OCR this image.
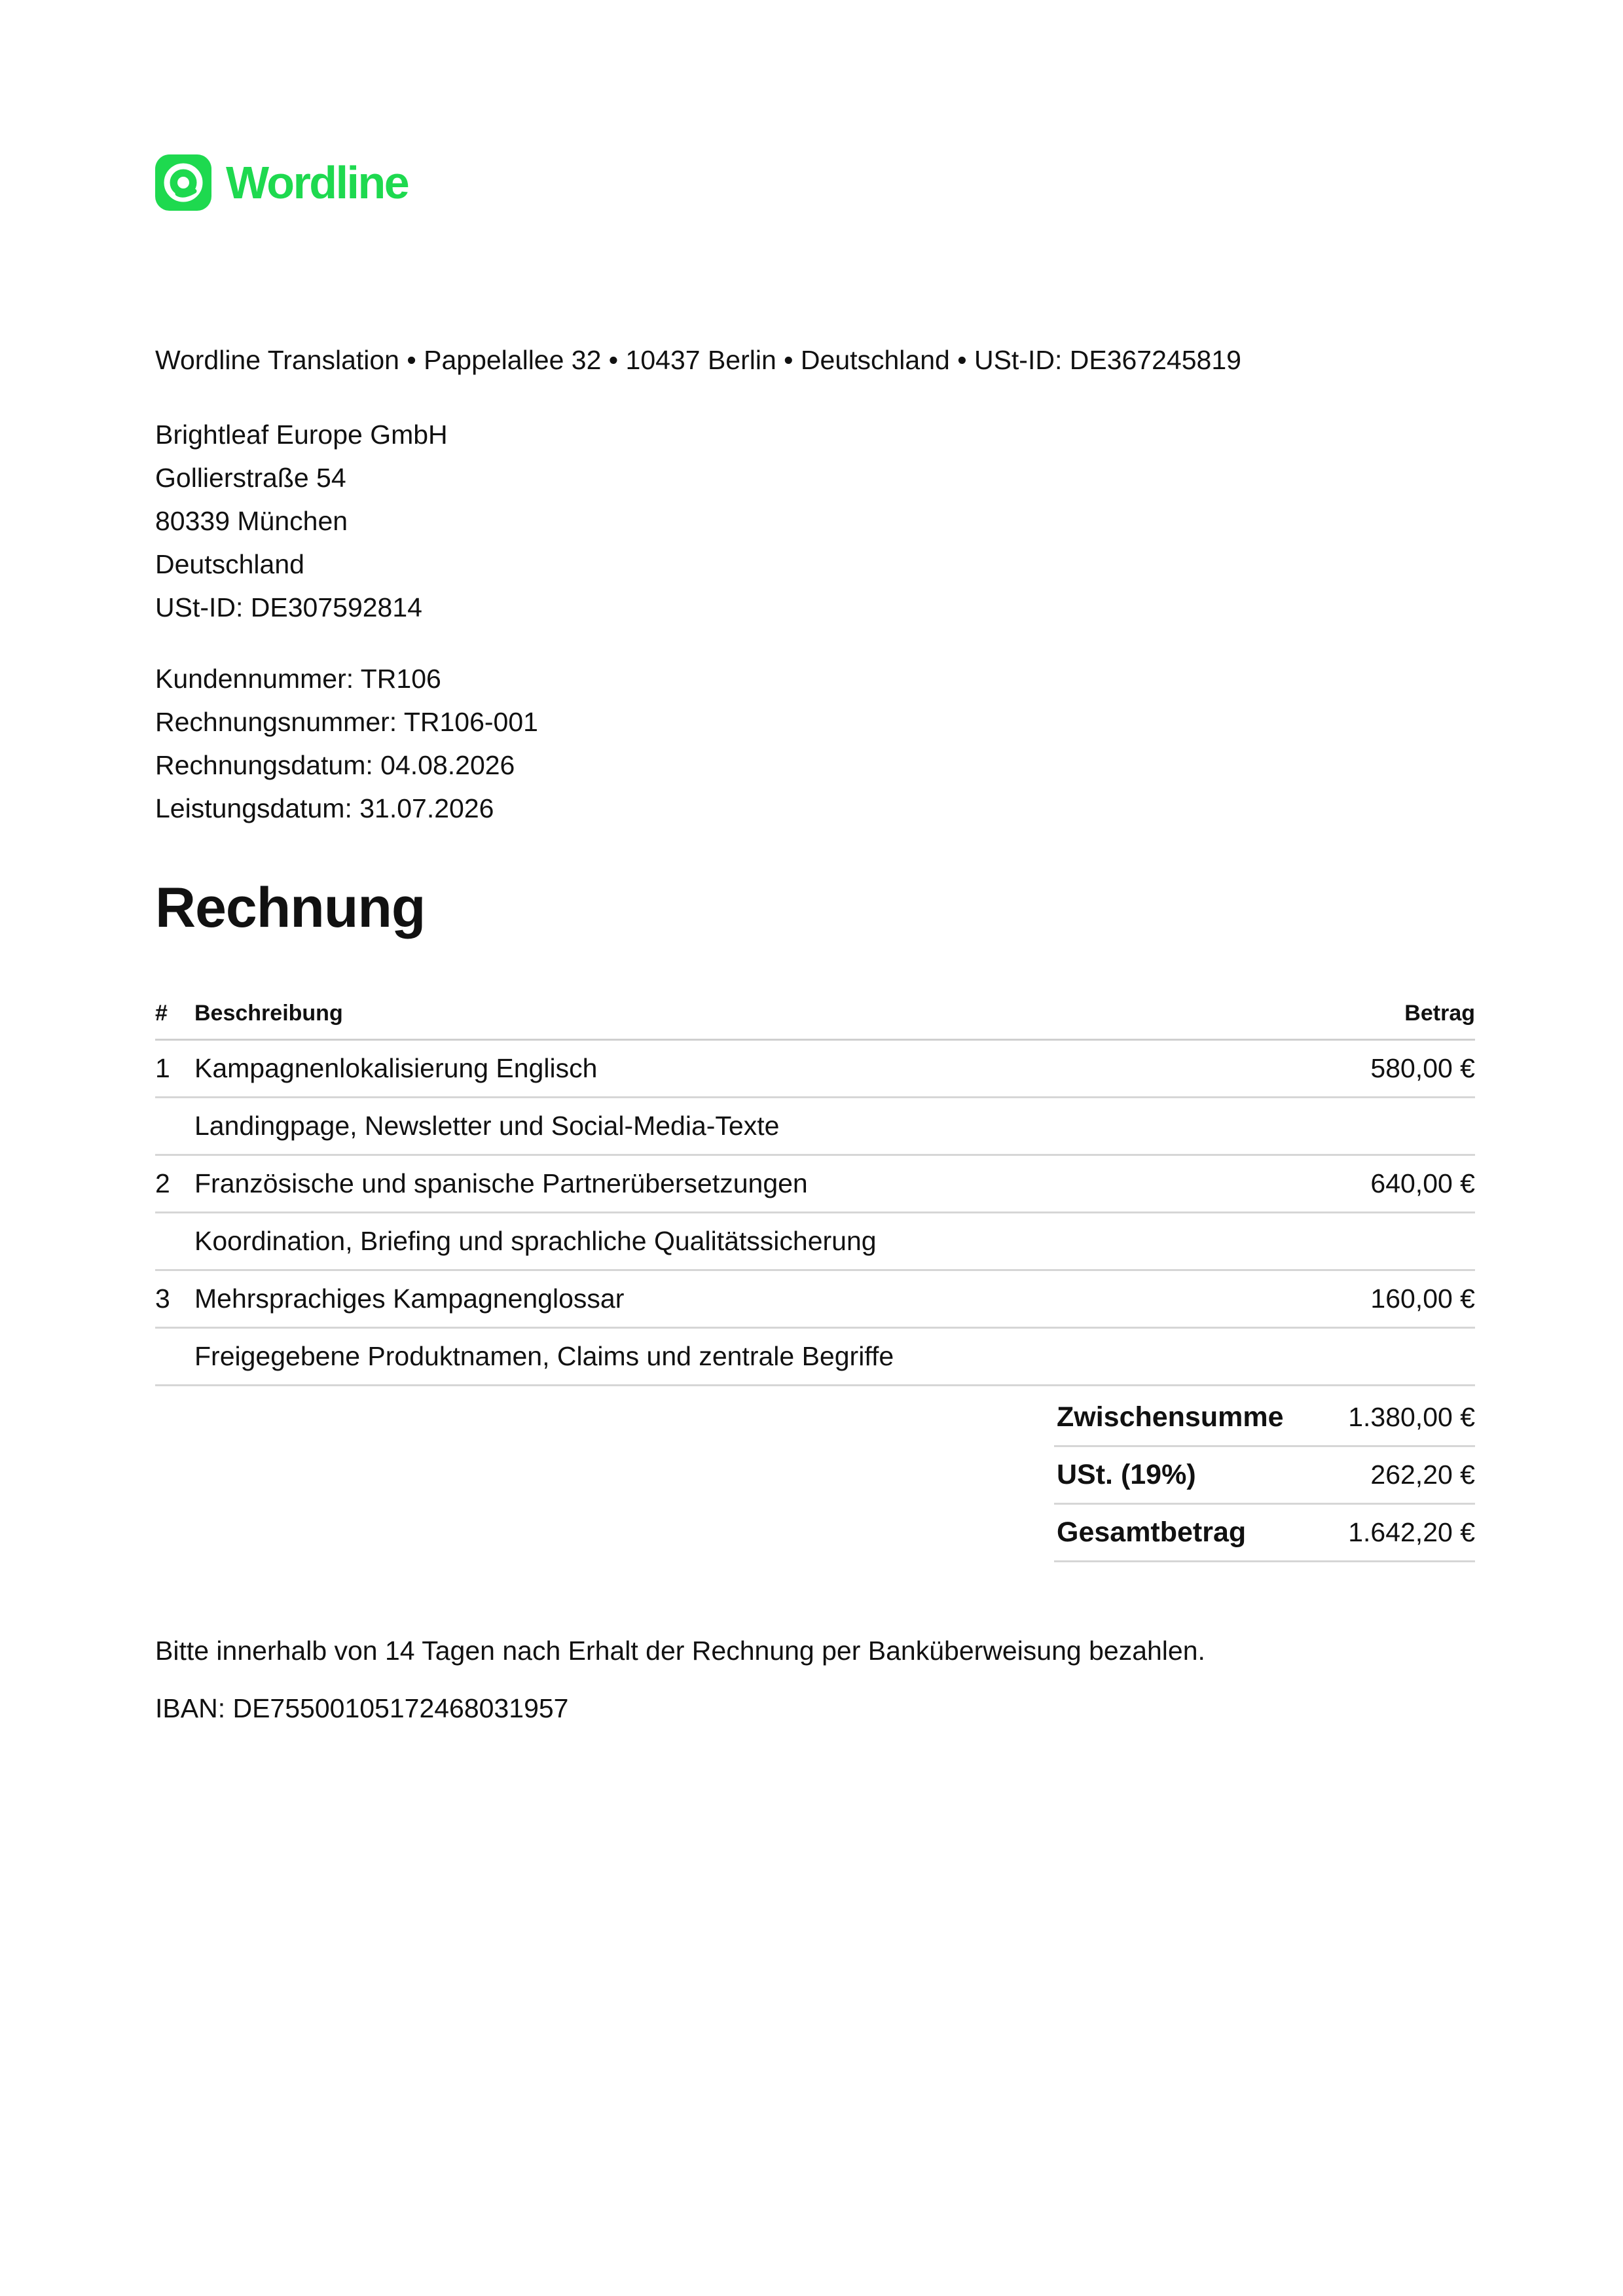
Wordline
Wordline Translation • Pappelallee 32 • 10437 Berlin • Deutschland • USt-ID: DE367245819
Brightleaf Europe GmbH
Gollierstraße 54
80339 München
Deutschland
USt-ID: DE307592814
Kundennummer: TR106
Rechnungsnummer: TR106-001
Rechnungsdatum: 04.08.2026
Leistungsdatum: 31.07.2026
Rechnung
#	Beschreibung	Betrag
1 Kampagnenlokalisierung Englisch	580,00 €
Landingpage, Newsletter und Social-Media-Texte
2 Französische und spanische Partnerübersetzungen	640,00 €
Koordination, Briefing und sprachliche Qualitätssicherung
3 Mehrsprachiges Kampagnenglossar	160,00 €
Freigegebene Produktnamen, Claims und zentrale Begriffe
Zwischensumme	1.380,00 €
USt. (19%)	262,20 €
Gesamtbetrag	1.642,20 €
Bitte innerhalb von 14 Tagen nach Erhalt der Rechnung per Banküberweisung bezahlen.
IBAN: DE75500105172468031957
